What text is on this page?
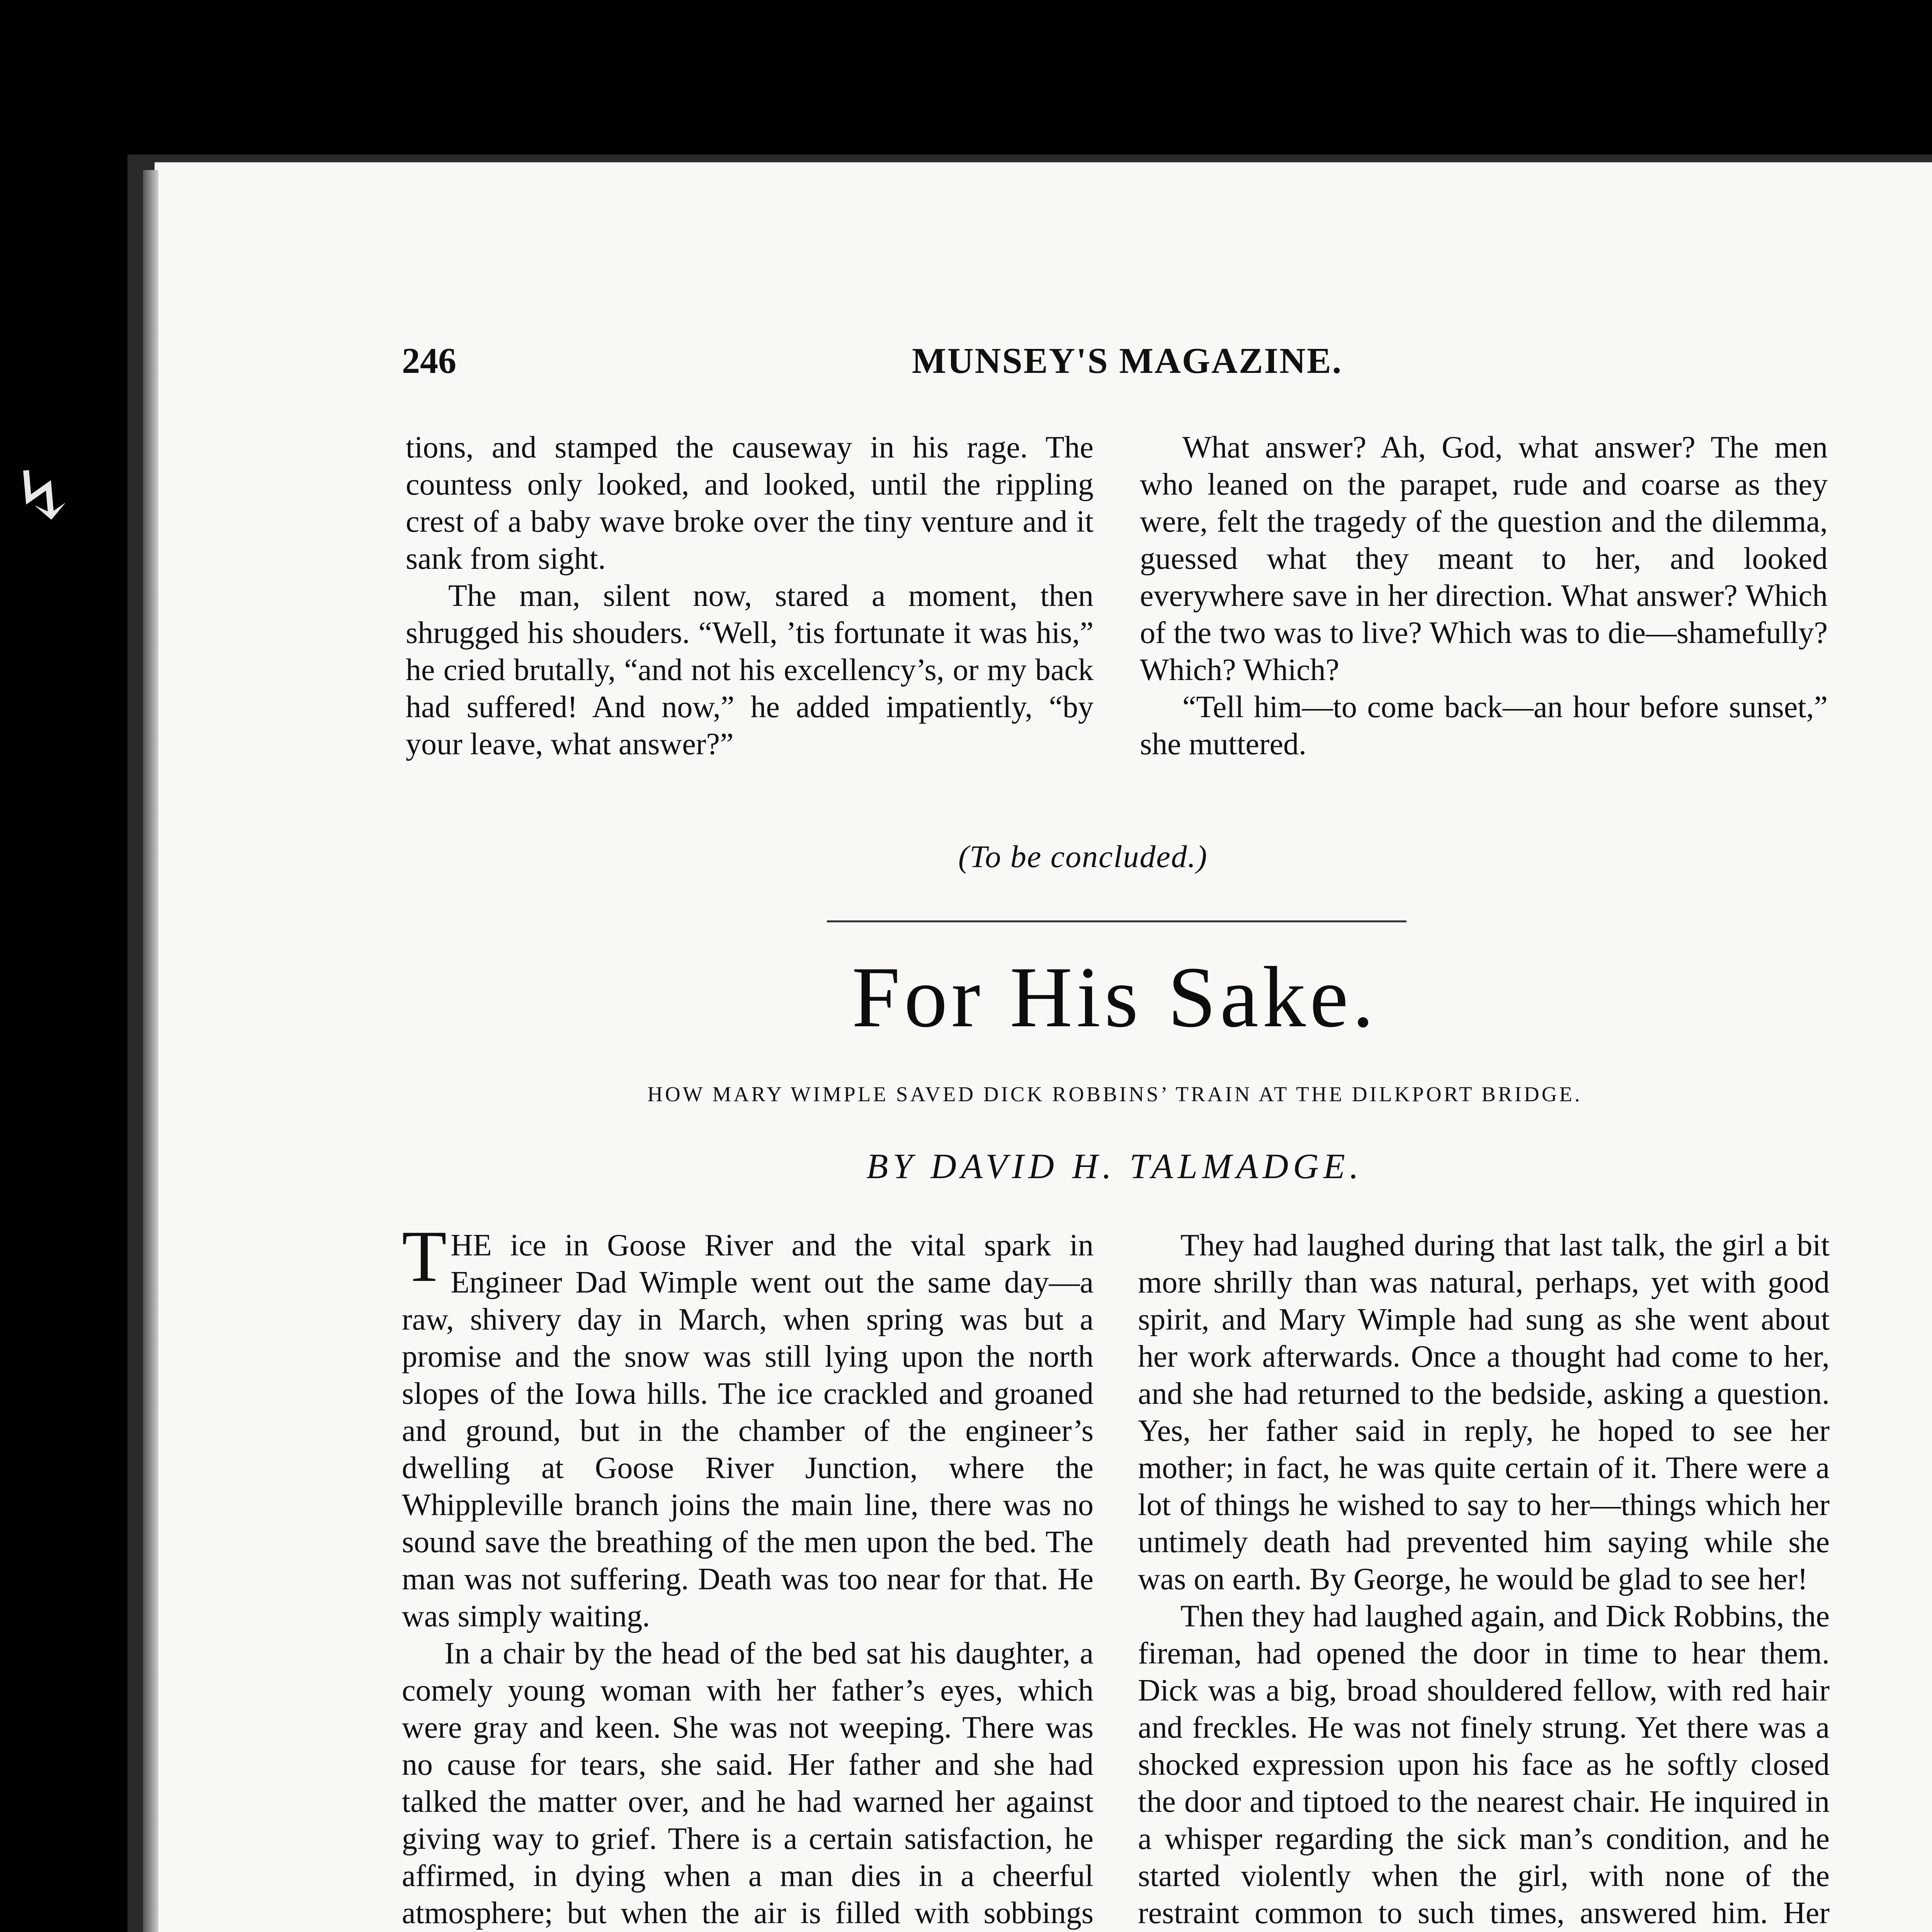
↯
246	MUNSEY'S MAGAZINE.

tions, and stamped the causeway in his rage. The countess only looked, and looked, until the rippling crest of a baby wave broke over the tiny venture and it sank from sight.

The man, silent now, stared a moment, then shrugged his shouders. “Well, ’tis fortunate it was his,” he cried brutally, “and not his excellency’s, or my back had suffered! And now,” he added impatiently, “by your leave, what answer?”

What answer? Ah, God, what answer? The men who leaned on the parapet, rude and coarse as they were, felt the tragedy of the question and the dilemma, guessed what they meant to her, and looked everywhere save in her direction. What answer? Which of the two was to live? Which was to die—shamefully? Which? Which?

“Tell him—to come back—an hour before sunset,” she muttered.

(To be concluded.)
For His Sake.
HOW MARY WIMPLE SAVED DICK ROBBINS’ TRAIN AT THE DILKPORT BRIDGE.
BY DAVID H. TALMADGE.

THE ice in Goose River and the vital spark in Engineer Dad Wimple went out the same day—a raw, shivery day in March, when spring was but a promise and the snow was still lying upon the north slopes of the Iowa hills. The ice crackled and groaned and ground, but in the chamber of the engineer’s dwelling at Goose River Junction, where the Whippleville branch joins the main line, there was no sound save the breathing of the men upon the bed. The man was not suffering. Death was too near for that. He was simply waiting.

In a chair by the head of the bed sat his daughter, a comely young woman with her father’s eyes, which were gray and keen. She was not weeping. There was no cause for tears, she said. Her father and she had talked the matter over, and he had warned her against giving way to grief. There is a certain satisfaction, he affirmed, in dying when a man dies in a cheerful atmosphere; but when the air is filled with sobbings

They had laughed during that last talk, the girl a bit more shrilly than was natural, perhaps, yet with good spirit, and Mary Wimple had sung as she went about her work afterwards. Once a thought had come to her, and she had returned to the bedside, asking a question. Yes, her father said in reply, he hoped to see her mother; in fact, he was quite certain of it. There were a lot of things he wished to say to her—things which her untimely death had prevented him saying while she was on earth. By George, he would be glad to see her!

Then they had laughed again, and Dick Robbins, the fireman, had opened the door in time to hear them. Dick was a big, broad shouldered fellow, with red hair and freckles. He was not finely strung. Yet there was a shocked expression upon his face as he softly closed the door and tiptoed to the nearest chair. He inquired in a whisper regarding the sick man’s condition, and he started violently when the girl, with none of the restraint common to such times, answered him. Her
